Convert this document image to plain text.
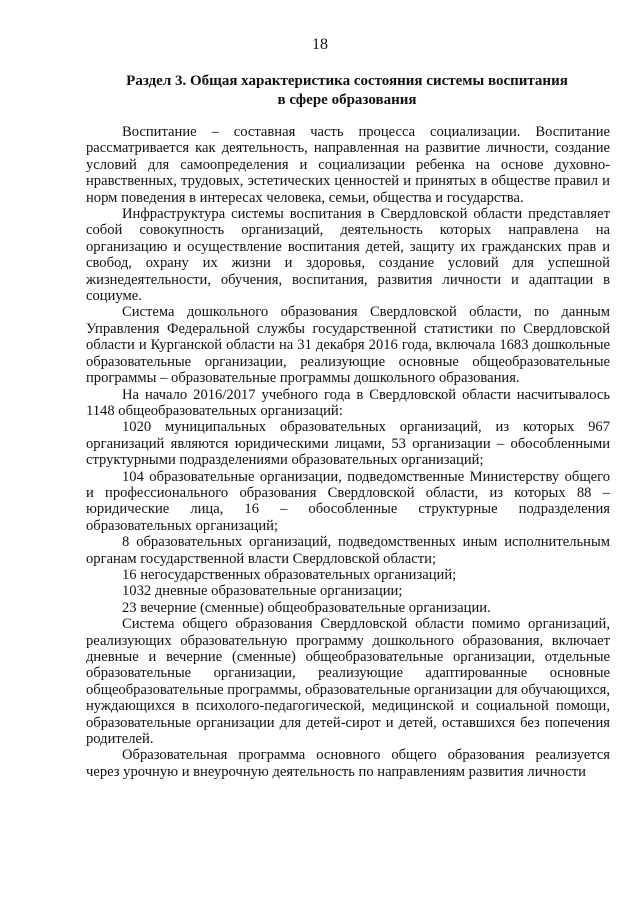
18
Раздел 3. Общая характеристика состояния системы воспитания
в сфере образования

Воспитание – составная часть процесса социализации. Воспитание рассматривается как деятельность, направленная на развитие личности, создание условий для самоопределения и социализации ребенка на основе духовно-нравственных, трудовых, эстетических ценностей и принятых в обществе правил и норм поведения в интересах человека, семьи, общества и государства.

Инфраструктура системы воспитания в Свердловской области представляет собой совокупность организаций, деятельность которых направлена на организацию и осуществление воспитания детей, защиту их гражданских прав и свобод, охрану их жизни и здоровья, создание условий для успешной жизнедеятельности, обучения, воспитания, развития личности и адаптации в социуме.

Система дошкольного образования Свердловской области, по данным Управления Федеральной службы государственной статистики по Свердловской области и Курганской области на 31 декабря 2016 года, включала 1683 дошкольные образовательные организации, реализующие основные общеобразовательные программы – образовательные программы дошкольного образования.

На начало 2016/2017 учебного года в Свердловской области насчитывалось 1148 общеобразовательных организаций:

1020 муниципальных образовательных организаций, из которых 967 организаций являются юридическими лицами, 53 организации – обособленными структурными подразделениями образовательных организаций;

104 образовательные организации, подведомственные Министерству общего и профессионального образования Свердловской области, из которых 88 – юридические лица, 16 – обособленные структурные подразделения образовательных организаций;

8 образовательных организаций, подведомственных иным исполнительным органам государственной власти Свердловской области;

16 негосударственных образовательных организаций;

1032 дневные образовательные организации;

23 вечерние (сменные) общеобразовательные организации.

Система общего образования Свердловской области помимо организаций, реализующих образовательную программу дошкольного образования, включает дневные и вечерние (сменные) общеобразовательные организации, отдельные образовательные организации, реализующие адаптированные основные общеобразовательные программы, образовательные организации для обучающихся, нуждающихся в психолого-педагогической, медицинской и социальной помощи, образовательные организации для детей-сирот и детей, оставшихся без попечения родителей.

Образовательная программа основного общего образования реализуется через урочную и внеурочную деятельность по направлениям развития личности
